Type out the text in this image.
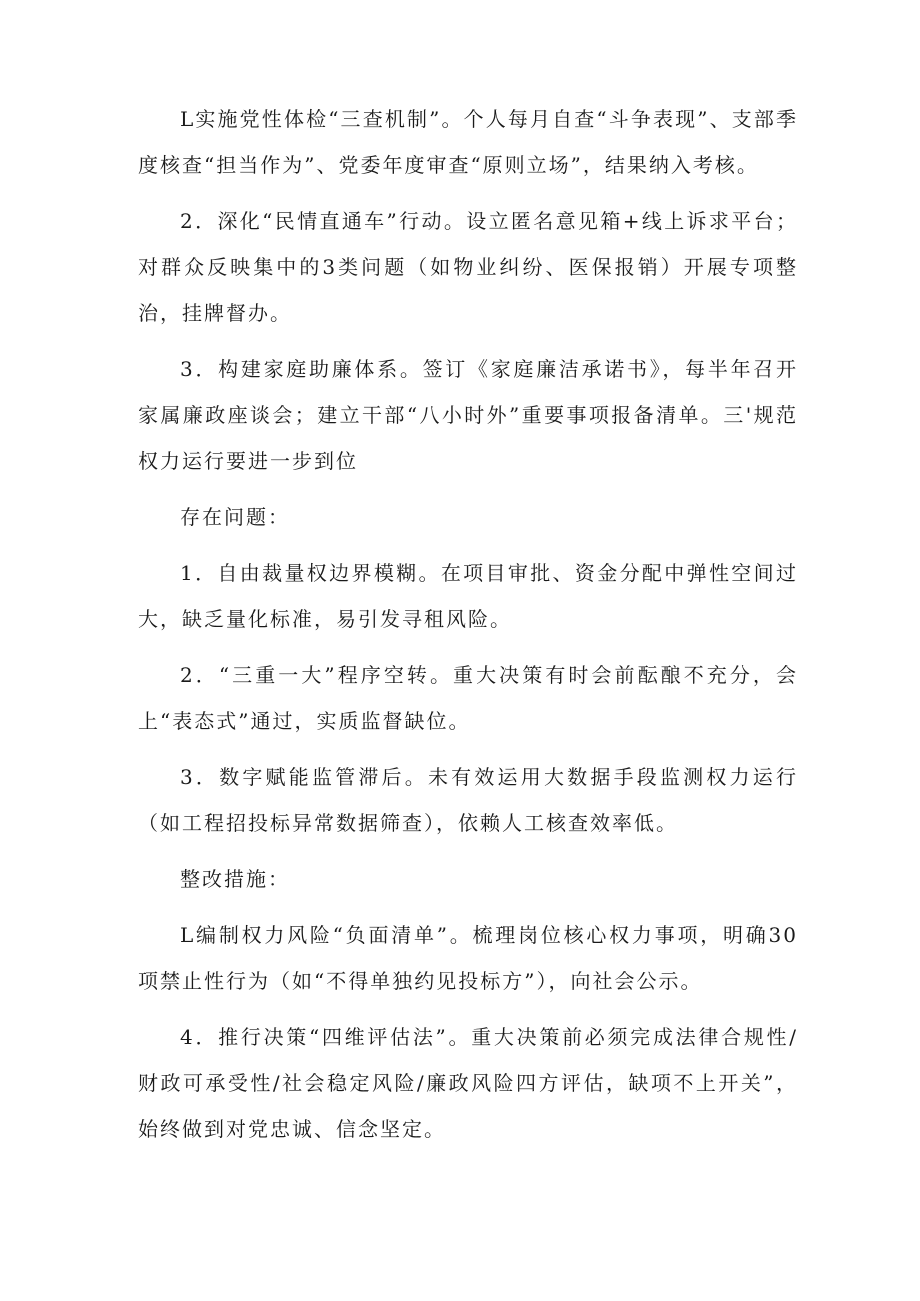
L实施党性体检“三查机制”。个人每月自查“斗争表现”、支部季度核查“担当作为”、党委年度审查“原则立场”，结果纳入考核。

2．深化“民情直通车”行动。设立匿名意见箱+线上诉求平台；对群众反映集中的3类问题（如物业纠纷、医保报销）开展专项整治，挂牌督办。

3．构建家庭助廉体系。签订《家庭廉洁承诺书》，每半年召开家属廉政座谈会；建立干部“八小时外”重要事项报备清单。三'规范权力运行要进一步到位

存在问题：

1．自由裁量权边界模糊。在项目审批、资金分配中弹性空间过大，缺乏量化标准，易引发寻租风险。

2．“三重一大”程序空转。重大决策有时会前酝酿不充分，会上“表态式”通过，实质监督缺位。

3．数字赋能监管滞后。未有效运用大数据手段监测权力运行（如工程招投标异常数据筛查），依赖人工核查效率低。

整改措施：

L编制权力风险“负面清单”。梳理岗位核心权力事项，明确30项禁止性行为（如“不得单独约见投标方”），向社会公示。

4．推行决策“四维评估法”。重大决策前必须完成法律合规性/财政可承受性/社会稳定风险/廉政风险四方评估，缺项不上开关”，始终做到对党忠诚、信念坚定。
